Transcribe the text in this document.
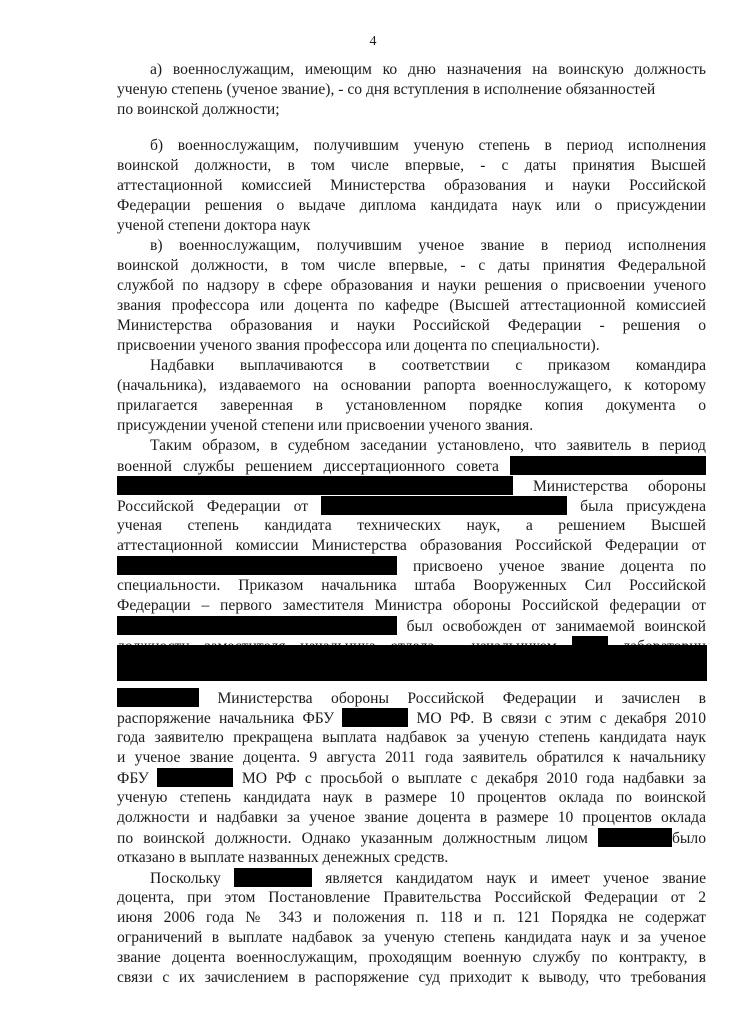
4
а) военнослужащим, имеющим ко дню назначения на воинскую должность
ученую степень (ученое звание), - со дня вступления в исполнение обязанностей
по воинской должности;
б) военнослужащим, получившим ученую степень в период исполнения
воинской должности, в том числе впервые, - с даты принятия Высшей
аттестационной комиссией Министерства образования и науки Российской
Федерации решения о выдаче диплома кандидата наук или о присуждении
ученой степени доктора наук
в) военнослужащим, получившим ученое звание в период исполнения
воинской должности, в том числе впервые, - с даты принятия Федеральной
службой по надзору в сфере образования и науки решения о присвоении ученого
звания профессора или доцента по кафедре (Высшей аттестационной комиссией
Министерства образования и науки Российской Федерации - решения о
присвоении ученого звания профессора или доцента по специальности).
Надбавки выплачиваются в соответствии с приказом командира
(начальника), издаваемого на основании рапорта военнослужащего, к которому
прилагается заверенная в установленном порядке копия документа о
присуждении ученой степени или присвоении ученого звания.
Таким образом, в судебном заседании установлено, что заявитель в период
военной службы решением диссертационного совета
Министерства обороны
Российской Федерации от	была присуждена
ученая степень кандидата технических наук, а решением Высшей
аттестационной комиссии Министерства образования Российской Федерации от
присвоено ученое звание доцента по
специальности. Приказом начальника штаба Вооруженных Сил Российской
Федерации – первого заместителя Министра обороны Российской федерации от
был освобожден от занимаемой воинской
Министерства обороны Российской Федерации и зачислен в
распоряжение начальника ФБУ	МО РФ. В связи с этим с декабря 2010
года заявителю прекращена выплата надбавок за ученую степень кандидата наук
и ученое звание доцента. 9 августа 2011 года заявитель обратился к начальнику
ФБУ	МО РФ с просьбой о выплате с декабря 2010 года надбавки за
ученую степень кандидата наук в размере 10 процентов оклада по воинской
должности и надбавки за ученое звание доцента в размере 10 процентов оклада
по воинской должности. Однако указанным должностным лицом	было
отказано в выплате названных денежных средств.
Поскольку	является кандидатом наук и имеет ученое звание
доцента, при этом Постановление Правительства Российской Федерации от 2
июня 2006 года № 343 и положения п. 118 и п. 121 Порядка не содержат
ограничений в выплате надбавок за ученую степень кандидата наук и за ученое
звание доцента военнослужащим, проходящим военную службу по контракту, в
связи с их зачислением в распоряжение суд приходит к выводу, что требования
